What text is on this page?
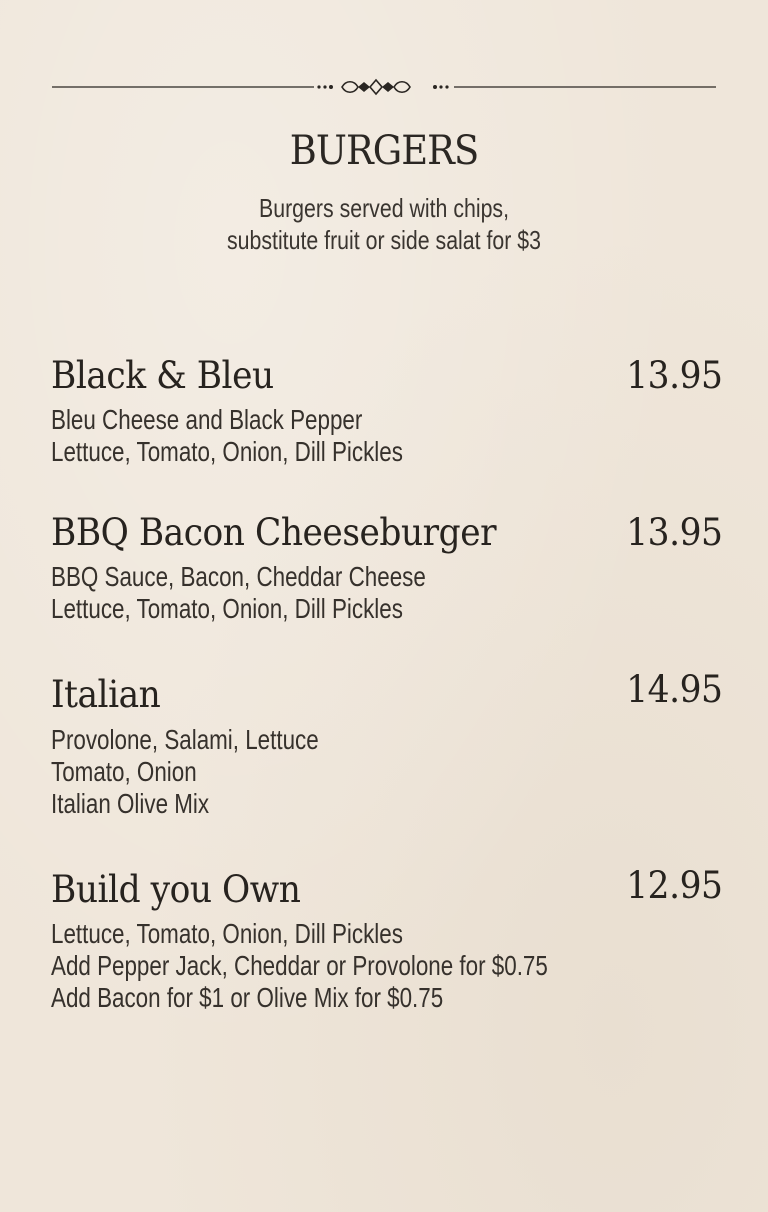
BURGERS
Burgers served with chips,
substitute fruit or side salat for $3
Black & Bleu	13.95
Bleu Cheese and Black Pepper
Lettuce, Tomato, Onion, Dill Pickles
BBQ Bacon Cheeseburger	13.95
BBQ Sauce, Bacon, Cheddar Cheese
Lettuce, Tomato, Onion, Dill Pickles
Italian	14.95
Provolone, Salami, Lettuce
Tomato, Onion
Italian Olive Mix
Build you Own	12.95
Lettuce, Tomato, Onion, Dill Pickles
Add Pepper Jack, Cheddar or Provolone for $0.75
Add Bacon for $1 or Olive Mix for $0.75
